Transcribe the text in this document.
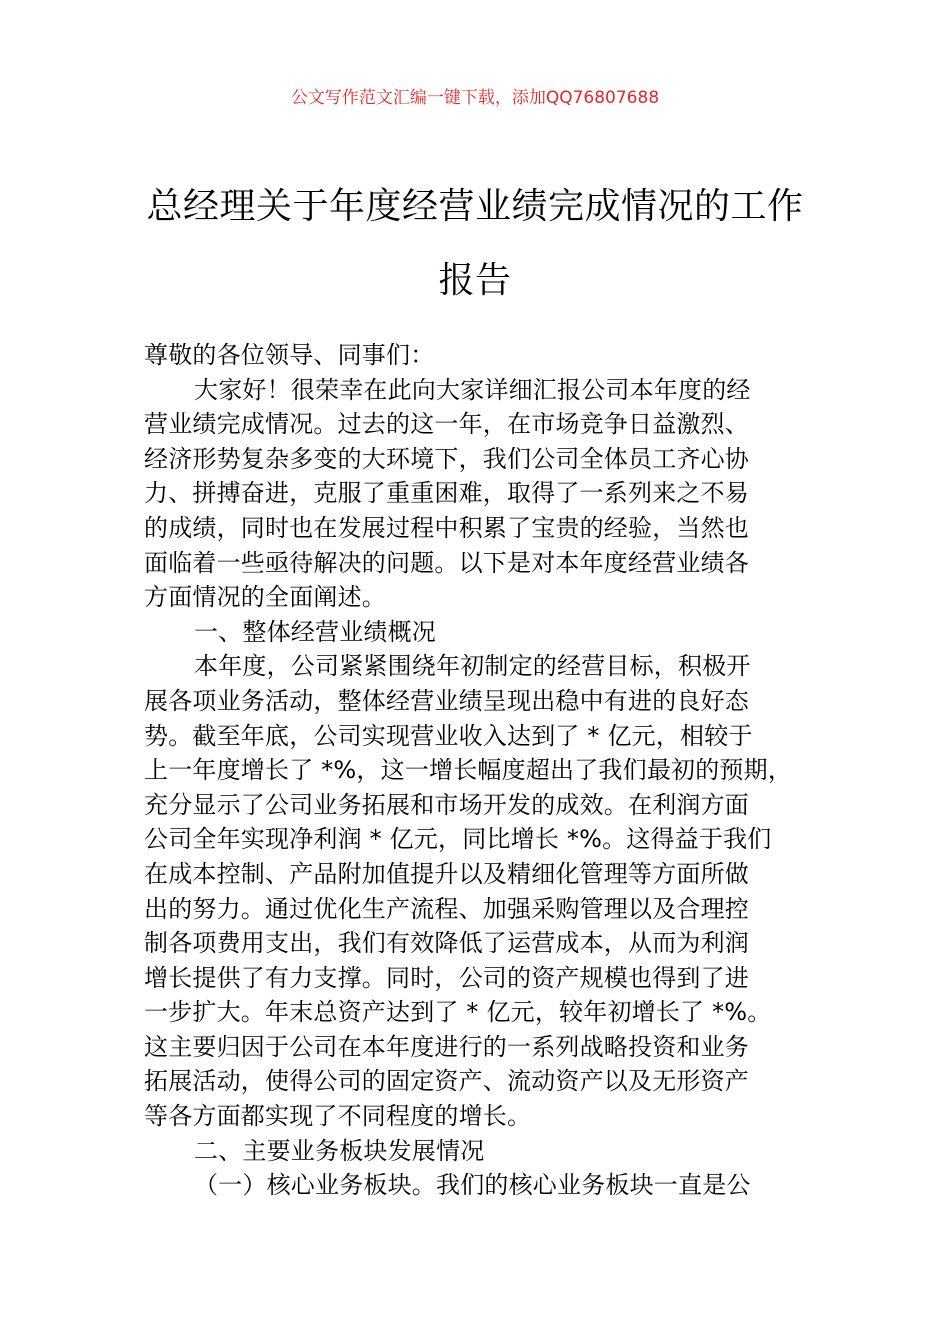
公文写作范文汇编一键下载，添加QQ76807688
总经理关于年度经营业绩完成情况的工作
报告
尊敬的各位领导、同事们：
大家好！很荣幸在此向大家详细汇报公司本年度的经
营业绩完成情况。过去的这一年，在市场竞争日益激烈、
经济形势复杂多变的大环境下，我们公司全体员工齐心协
力、拼搏奋进，克服了重重困难，取得了一系列来之不易
的成绩，同时也在发展过程中积累了宝贵的经验，当然也
面临着一些亟待解决的问题。以下是对本年度经营业绩各
方面情况的全面阐述。
一、整体经营业绩概况
本年度，公司紧紧围绕年初制定的经营目标，积极开
展各项业务活动，整体经营业绩呈现出稳中有进的良好态
势。截至年底，公司实现营业收入达到了 * 亿元，相较于
上一年度增长了 *%，这一增长幅度超出了我们最初的预期，
充分显示了公司业务拓展和市场开发的成效。在利润方面
公司全年实现净利润 * 亿元，同比增长 *%。这得益于我们
在成本控制、产品附加值提升以及精细化管理等方面所做
出的努力。通过优化生产流程、加强采购管理以及合理控
制各项费用支出，我们有效降低了运营成本，从而为利润
增长提供了有力支撑。同时，公司的资产规模也得到了进
一步扩大。年末总资产达到了 * 亿元，较年初增长了 *%。
这主要归因于公司在本年度进行的一系列战略投资和业务
拓展活动，使得公司的固定资产、流动资产以及无形资产
等各方面都实现了不同程度的增长。
二、主要业务板块发展情况
（一）核心业务板块。我们的核心业务板块一直是公
